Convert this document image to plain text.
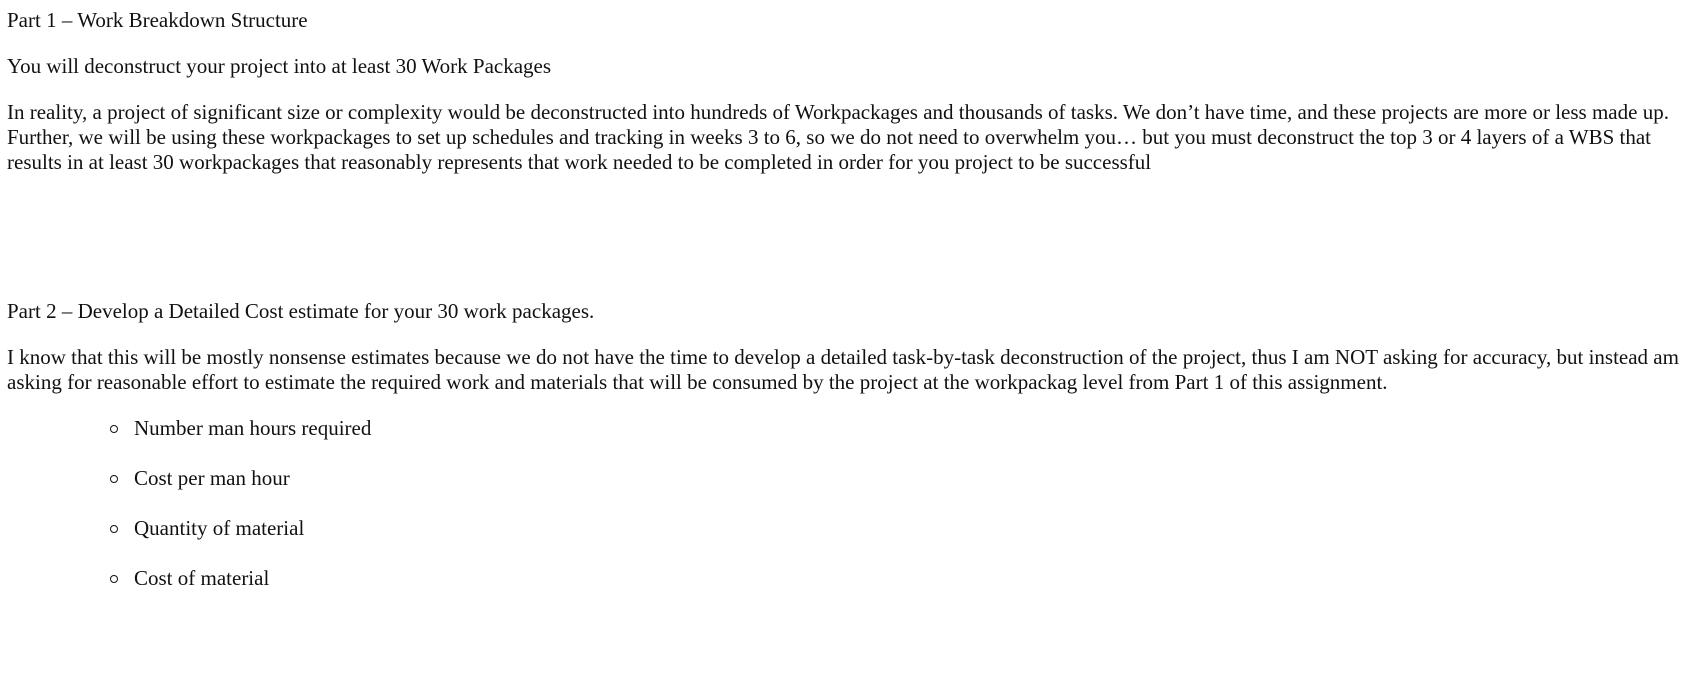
Part 1 – Work Breakdown Structure

You will deconstruct your project into at least 30 Work Packages

In reality, a project of significant size or complexity would be deconstructed into hundreds of Workpackages and thousands of tasks. We don’t have time, and these projects are more or less made up. Further, we will be using these workpackages to set up schedules and tracking in weeks 3 to 6, so we do not need to overwhelm you… but you must deconstruct the top 3 or 4 layers of a WBS that results in at least 30 workpackages that reasonably represents that work needed to be completed in order for you project to be successful

Part 2 – Develop a Detailed Cost estimate for your 30 work packages.

I know that this will be mostly nonsense estimates because we do not have the time to develop a detailed task-by-task deconstruction of the project, thus I am NOT asking for accuracy, but instead am asking for reasonable effort to estimate the required work and materials that will be consumed by the project at the workpackag level from Part 1 of this assignment.

Number man hours required
Cost per man hour
Quantity of material
Cost of material
